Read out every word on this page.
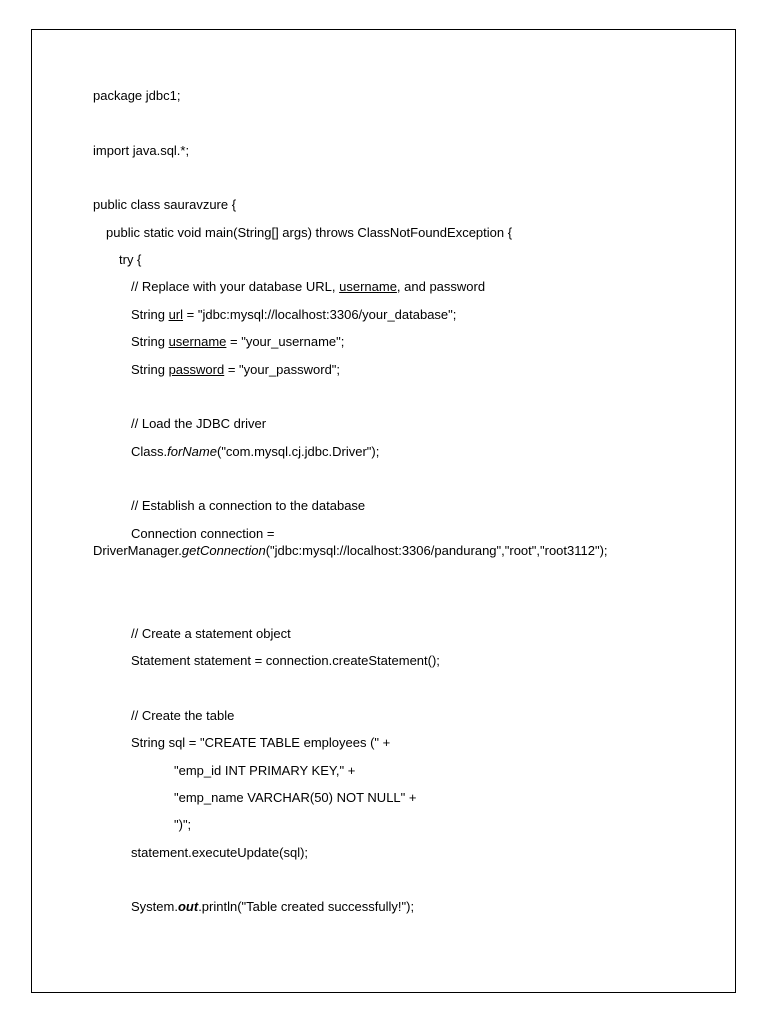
package jdbc1;
import java.sql.*;
public class sauravzure {
public static void main(String[] args) throws ClassNotFoundException {
try {
// Replace with your database URL, username, and password
String url = "jdbc:mysql://localhost:3306/your_database";
String username = "your_username";
String password = "your_password";
// Load the JDBC driver
Class.forName("com.mysql.cj.jdbc.Driver");
// Establish a connection to the database
Connection connection =
DriverManager.getConnection("jdbc:mysql://localhost:3306/pandurang","root","root3112");
// Create a statement object
Statement statement = connection.createStatement();
// Create the table
String sql = "CREATE TABLE employees (" +
"emp_id INT PRIMARY KEY," +
"emp_name VARCHAR(50) NOT NULL" +
")";
statement.executeUpdate(sql);
System.out.println("Table created successfully!");
